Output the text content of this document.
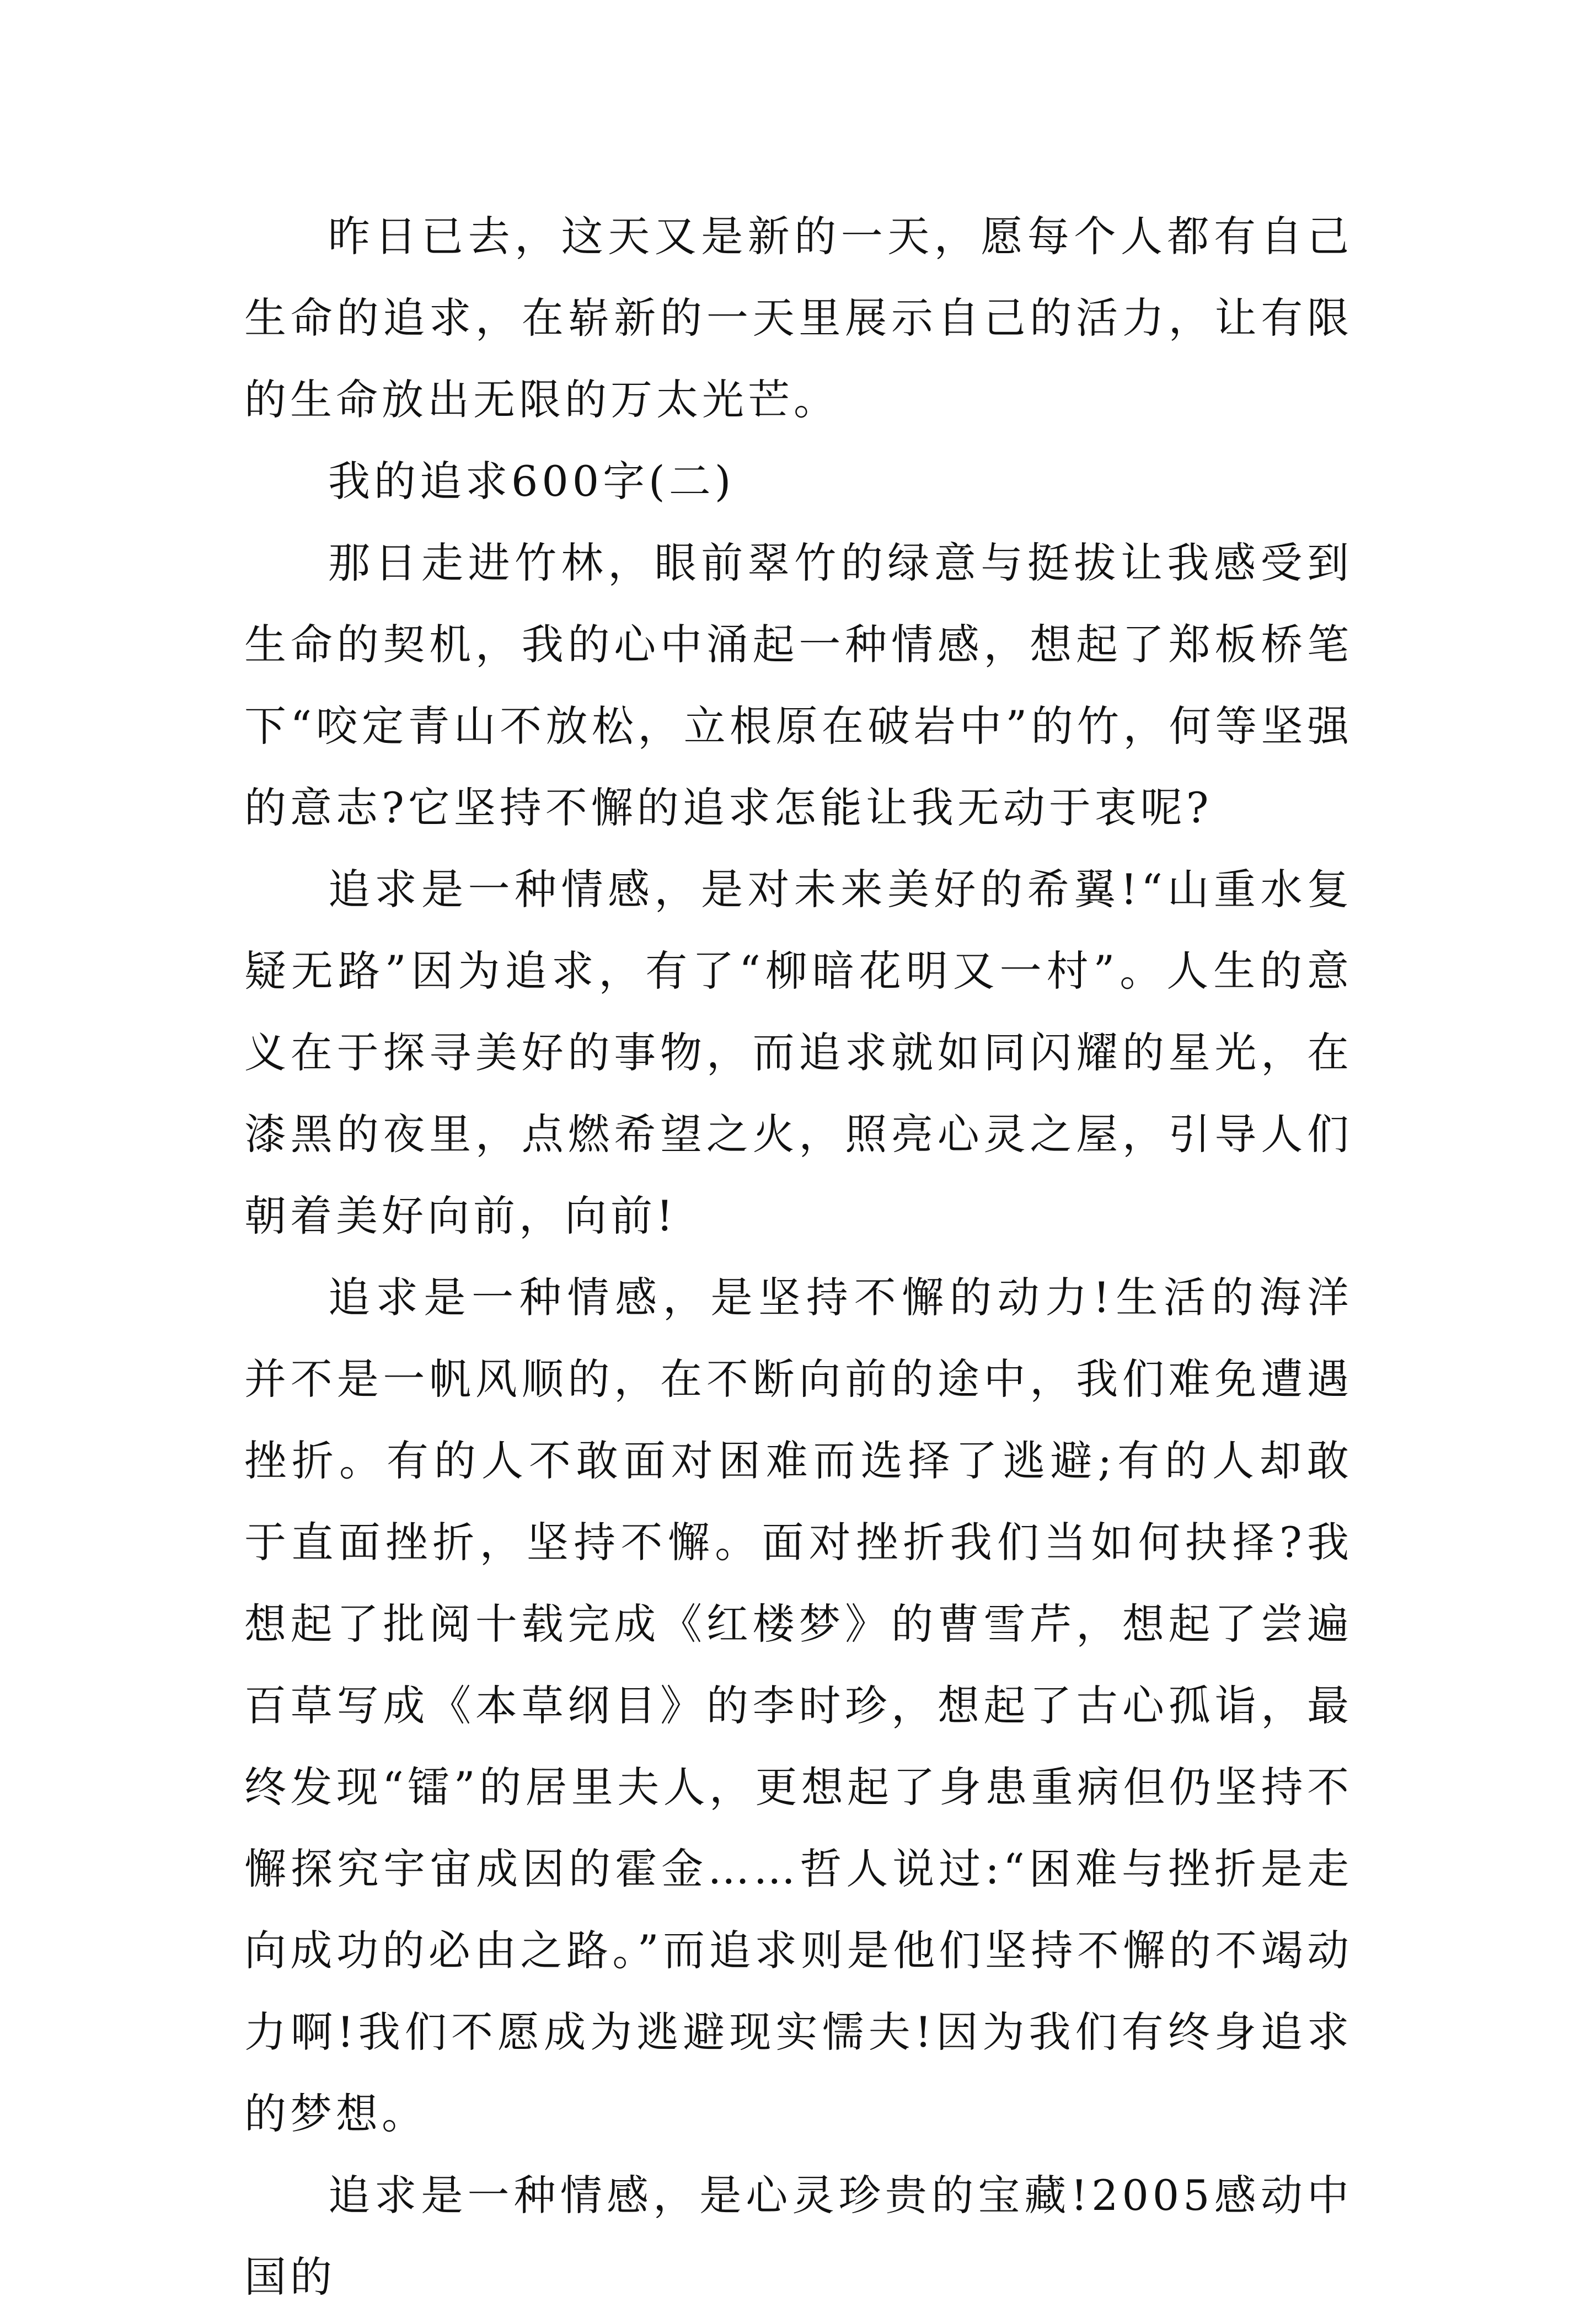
昨日已去，这天又是新的一天，愿每个人都有自己生命的追求，在崭新的一天里展示自己的活力，让有限的生命放出无限的万太光芒。

我的追求600字(二)

那日走进竹林，眼前翠竹的绿意与挺拔让我感受到生命的契机，我的心中涌起一种情感，想起了郑板桥笔下“咬定青山不放松，立根原在破岩中”的竹，何等坚强的意志?它坚持不懈的追求怎能让我无动于衷呢?

追求是一种情感，是对未来美好的希翼!“山重水复疑无路”因为追求，有了“柳暗花明又一村”。人生的意义在于探寻美好的事物，而追求就如同闪耀的星光，在漆黑的夜里，点燃希望之火，照亮心灵之屋，引导人们朝着美好向前，向前!

追求是一种情感，是坚持不懈的动力!生活的海洋并不是一帆风顺的，在不断向前的途中，我们难免遭遇挫折。有的人不敢面对困难而选择了逃避;有的人却敢于直面挫折，坚持不懈。面对挫折我们当如何抉择?我想起了批阅十载完成《红楼梦》的曹雪芹，想起了尝遍百草写成《本草纲目》的李时珍，想起了古心孤诣，最终发现“镭”的居里夫人，更想起了身患重病但仍坚持不懈探究宇宙成因的霍金……哲人说过:“困难与挫折是走向成功的必由之路。”而追求则是他们坚持不懈的不竭动力啊!我们不愿成为逃避现实懦夫!因为我们有终身追求的梦想。

追求是一种情感，是心灵珍贵的宝藏!2005感动中国的
